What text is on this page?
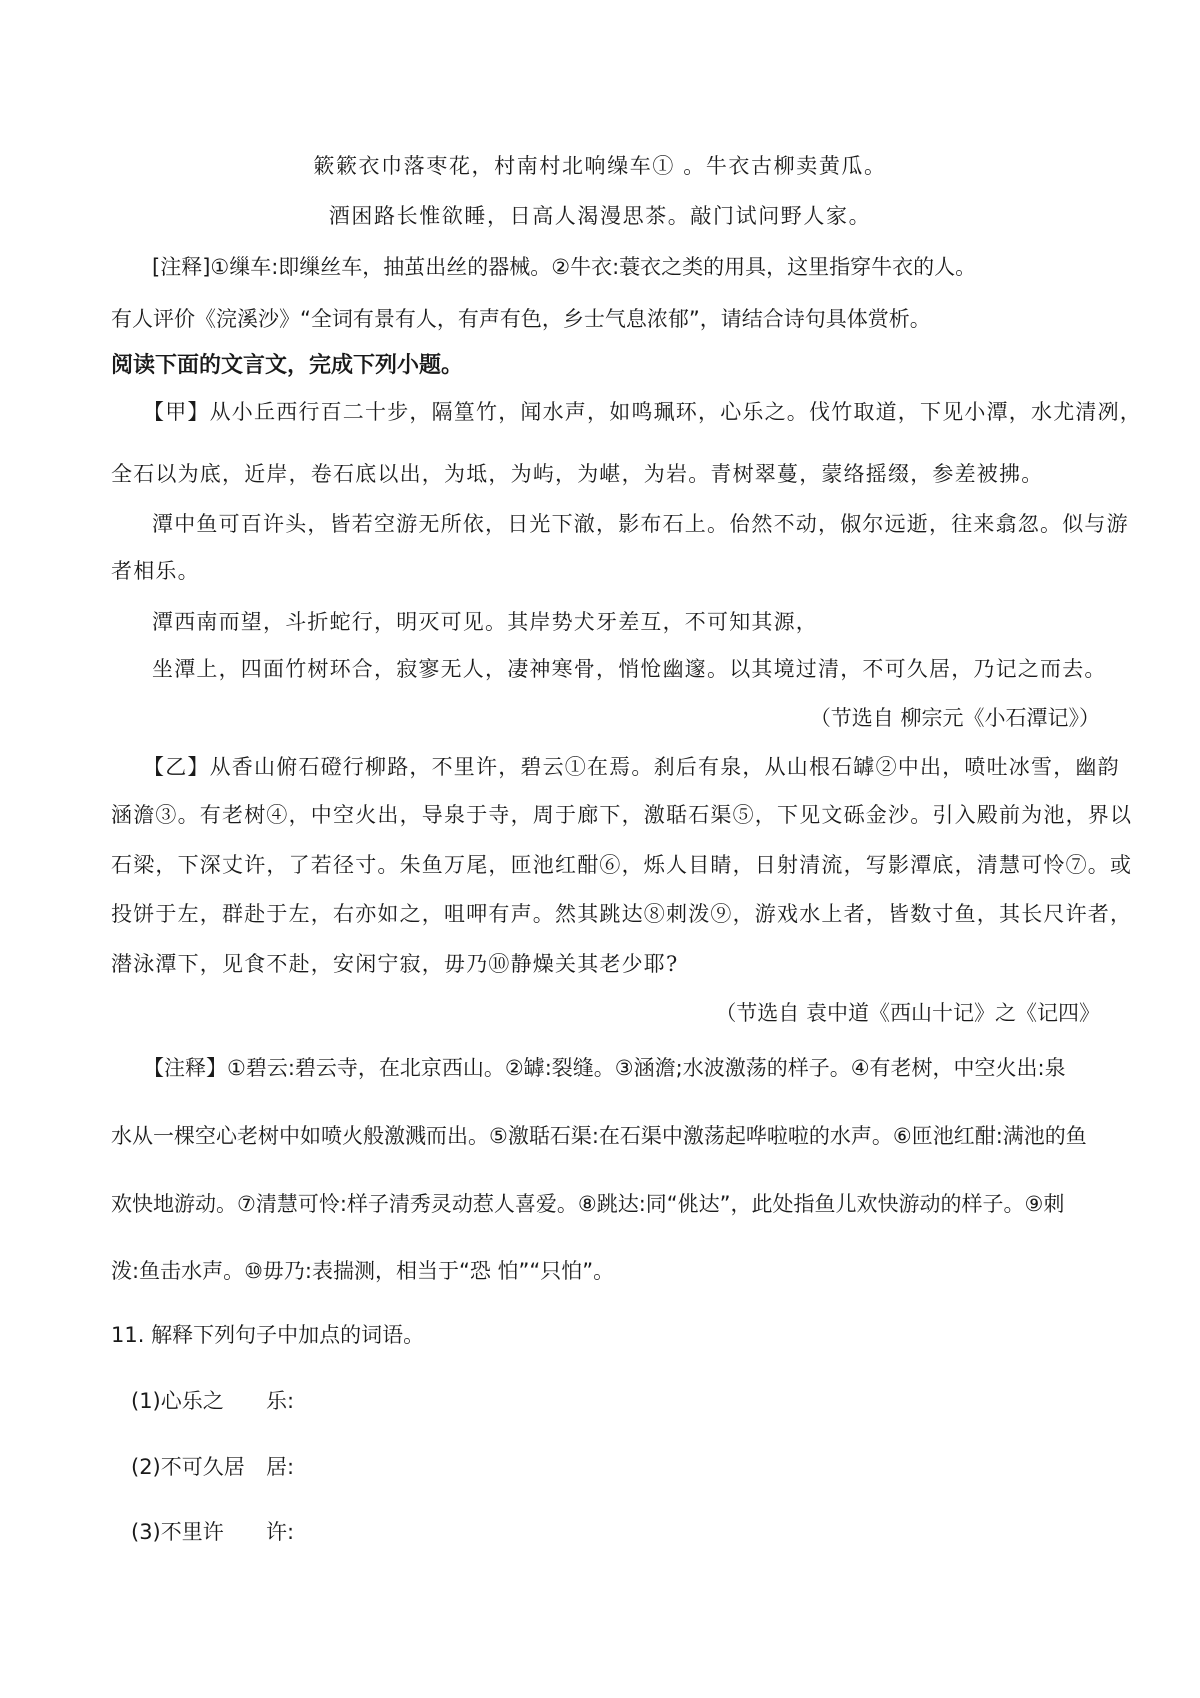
簌簌衣巾落枣花，村南村北响缲车① 。牛衣古柳卖黄瓜。
酒困路长惟欲睡，日高人渴漫思茶。敲门试问野人家。
[注释]①缫车:即缫丝车，抽茧出丝的器械。②牛衣:蓑衣之类的用具，这里指穿牛衣的人。
有人评价《浣溪沙》“全词有景有人，有声有色，乡士气息浓郁”，请结合诗句具体赏析。
阅读下面的文言文，完成下列小题。
【甲】从小丘西行百二十步，隔篁竹，闻水声，如鸣珮环，心乐之。伐竹取道，下见小潭，水尤清冽，
全石以为底，近岸，卷石底以出，为坻，为屿，为嵁，为岩。青树翠蔓，蒙络摇缀，参差被拂。
潭中鱼可百许头，皆若空游无所依，日光下澈，影布石上。佁然不动，俶尔远逝，往来翕忽。似与游
者相乐。
潭西南而望，斗折蛇行，明灭可见。其岸势犬牙差互，不可知其源，
坐潭上，四面竹树环合，寂寥无人，凄神寒骨，悄怆幽邃。以其境过清，不可久居，乃记之而去。
（节选自 柳宗元《小石潭记》）
【乙】从香山俯石磴行柳路，不里许，碧云①在焉。刹后有泉，从山根石罅②中出，喷吐冰雪，幽韵
涵澹③。有老树④，中空火出，导泉于寺，周于廊下，激聒石渠⑤，下见文砾金沙。引入殿前为池，界以
石梁，下深丈许，了若径寸。朱鱼万尾，匝池红酣⑥，烁人目睛，日射清流，写影潭底，清慧可怜⑦。或
投饼于左，群赴于左，右亦如之，咀呷有声。然其跳达⑧刺泼⑨，游戏水上者，皆数寸鱼，其长尺许者，
潜泳潭下，见食不赴，安闲宁寂，毋乃⑩静燥关其老少耶?
（节选自 袁中道《西山十记》之《记四》
【注释】①碧云:碧云寺，在北京西山。②罅:裂缝。③涵澹;水波激荡的样子。④有老树，中空火出:泉
水从一棵空心老树中如喷火般激溅而出。⑤激聒石渠:在石渠中激荡起哗啦啦的水声。⑥匝池红酣:满池的鱼
欢快地游动。⑦清慧可怜:样子清秀灵动惹人喜爱。⑧跳达:同“佻达”，此处指鱼儿欢快游动的样子。⑨刺
泼:鱼击水声。⑩毋乃:表揣测，相当于“恐 怕”“只怕”。
11. 解释下列句子中加点的词语。
(1)心乐之 乐:
(2)不可久居 居:
(3)不里许 许:
